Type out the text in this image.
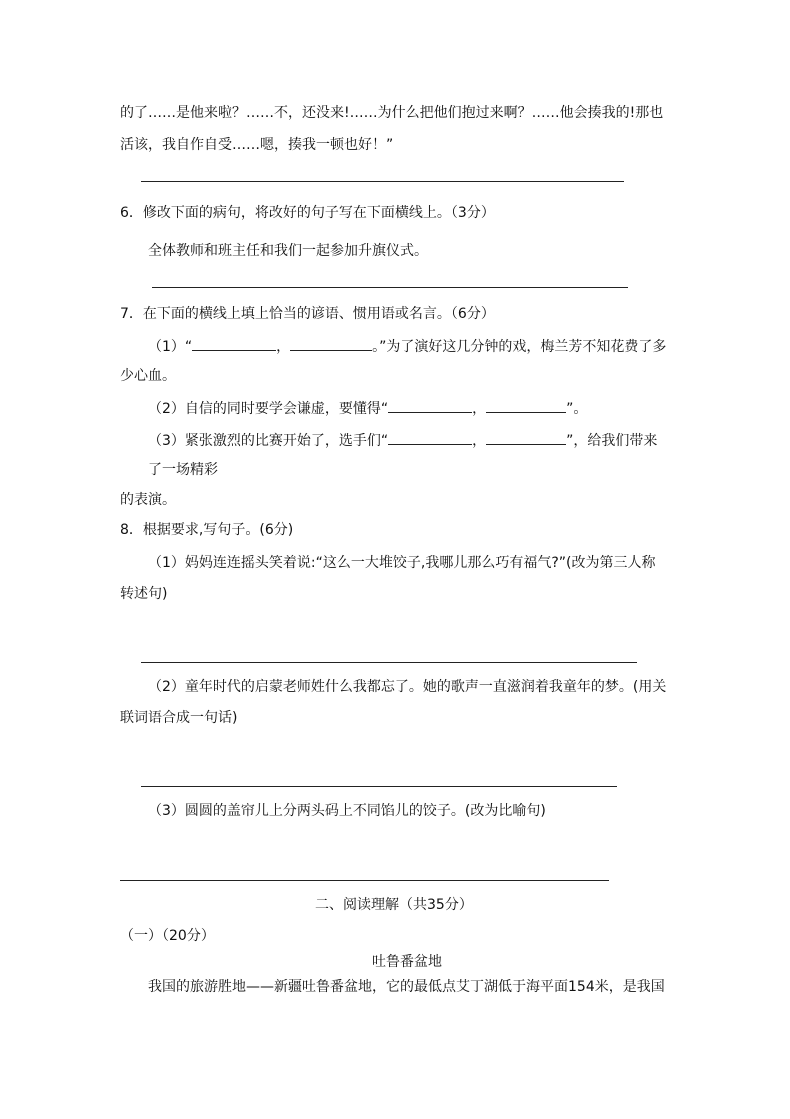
的了……是他来啦？……不，还没来!……为什么把他们抱过来啊？……他会揍我的!那也
活该，我自作自受……嗯，揍我一顿也好！”
6．修改下面的病句，将改好的句子写在下面横线上。（3分）
全体教师和班主任和我们一起参加升旗仪式。
7．在下面的横线上填上恰当的谚语、惯用语或名言。（6分）
（1）“	，	。”为了演好这几分钟的戏，梅兰芳不知花费了多
少心血。
（2）自信的同时要学会谦虚，要懂得“	，	”。
（3）紧张激烈的比赛开始了，选手们“	，	”，给我们带来
了一场精彩
的表演。
8．根据要求,写句子。(6分)
（1）妈妈连连摇头笑着说:“这么一大堆饺子,我哪儿那么巧有福气?”(改为第三人称
转述句)
（2）童年时代的启蒙老师姓什么我都忘了。她的歌声一直滋润着我童年的梦。(用关
联词语合成一句话)
（3）圆圆的盖帘儿上分两头码上不同馅儿的饺子。(改为比喻句)
二、阅读理解（共35分）
（一）（20分）
吐鲁番盆地
我国的旅游胜地——新疆吐鲁番盆地，它的最低点艾丁湖低于海平面154米，是我国
